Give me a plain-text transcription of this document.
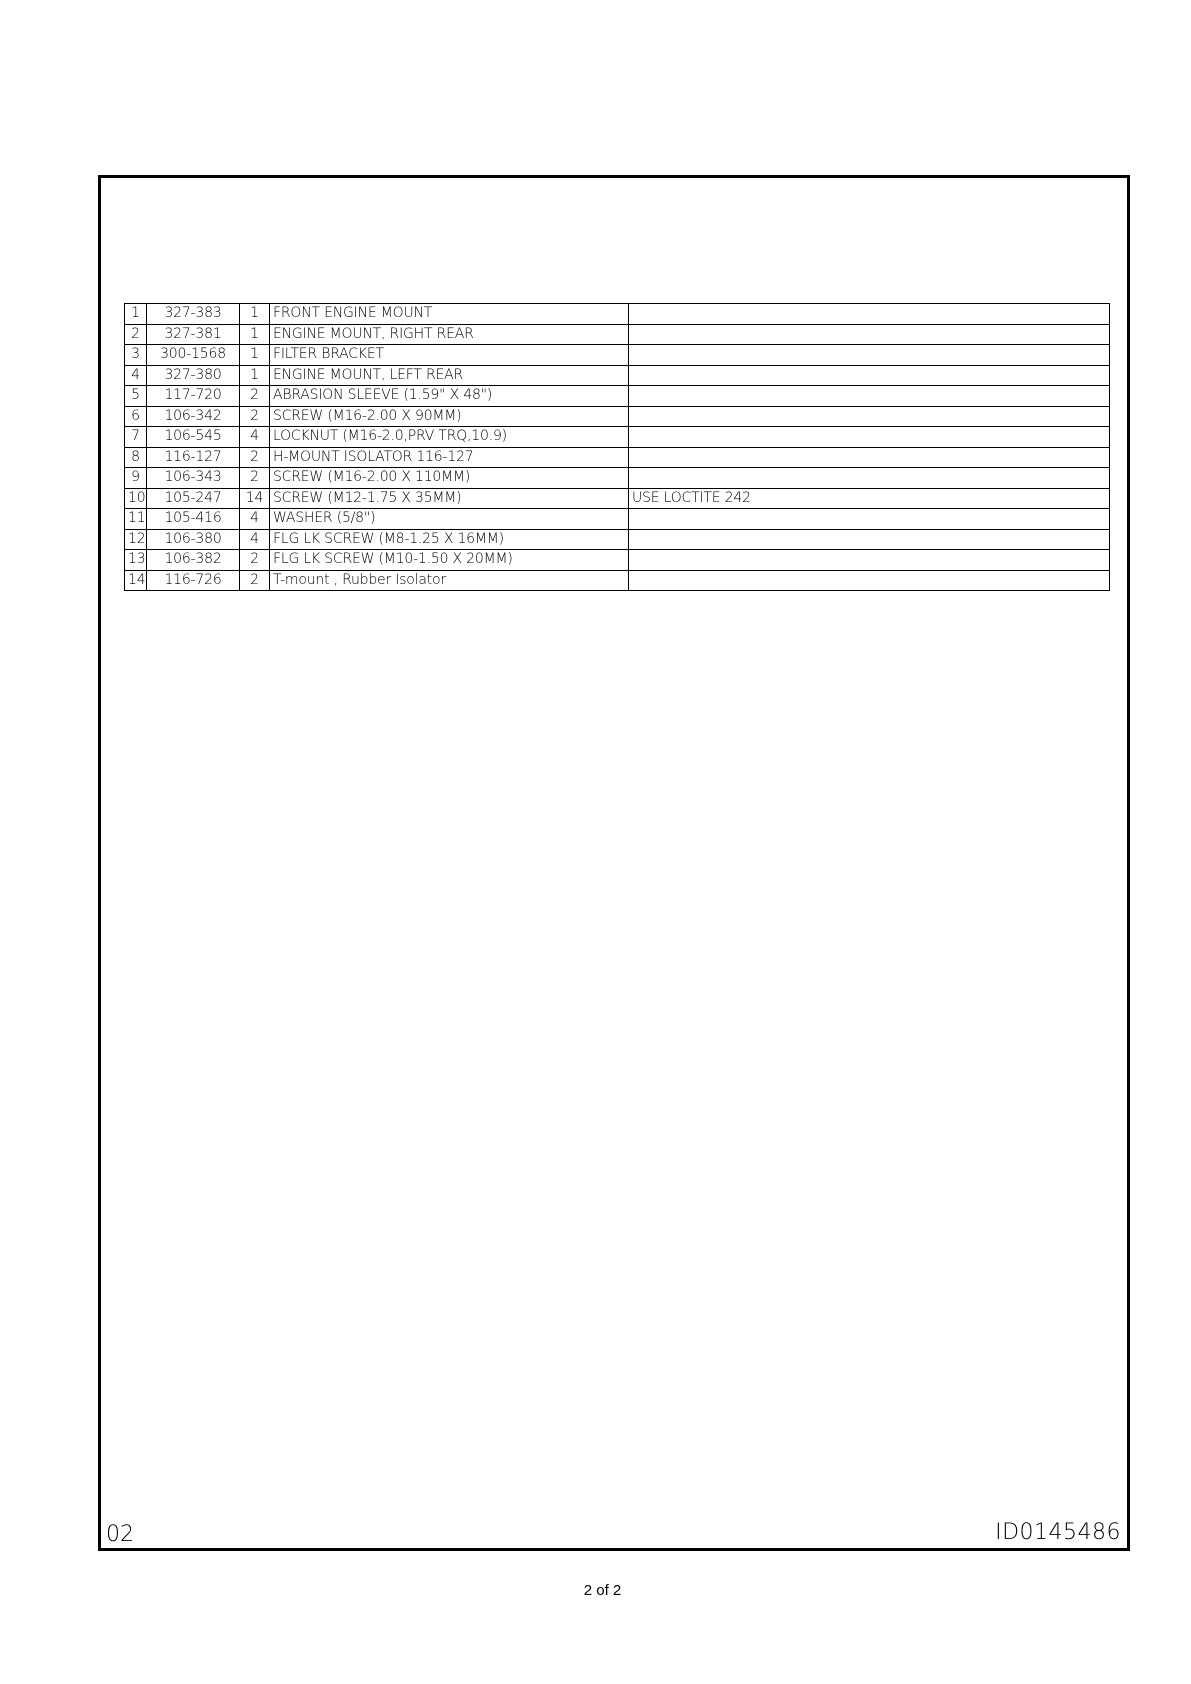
1	327-383	1	FRONT ENGINE MOUNT	
2	327-381	1	ENGINE MOUNT, RIGHT REAR	
3	300-1568	1	FILTER BRACKET	
4	327-380	1	ENGINE MOUNT, LEFT REAR	
5	117-720	2	ABRASION SLEEVE (1.59" X 48")	
6	106-342	2	SCREW (M16-2.00 X 90MM)	
7	106-545	4	LOCKNUT (M16-2.0,PRV TRQ,10.9)	
8	116-127	2	H-MOUNT ISOLATOR 116-127	
9	106-343	2	SCREW (M16-2.00 X 110MM)	
10	105-247	14	SCREW (M12-1.75 X 35MM)	USE LOCTITE 242
11	105-416	4	WASHER (5/8")	
12	106-380	4	FLG LK SCREW (M8-1.25 X 16MM)	
13	106-382	2	FLG LK SCREW (M10-1.50 X 20MM)	
14	116-726	2	T-mount , Rubber Isolator	
02	ID0145486
2 of 2
